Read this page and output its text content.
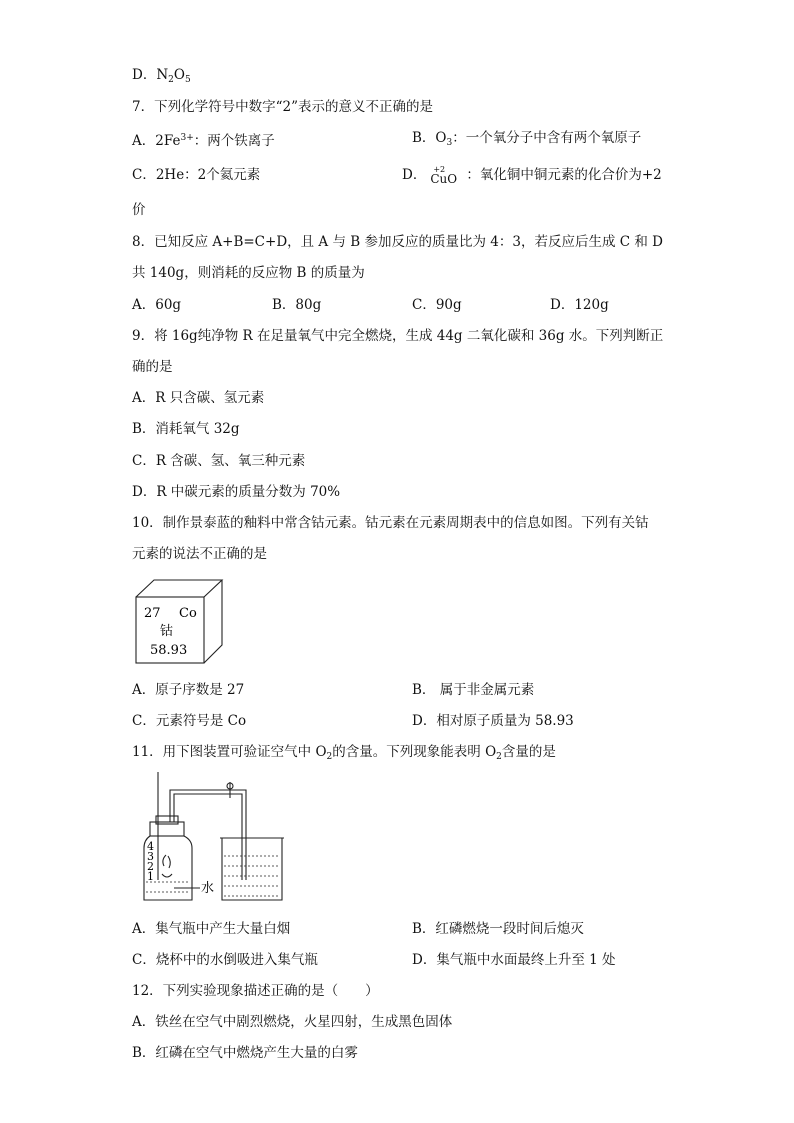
D．$N_2O_5$
7．下列化学符号中数字“2”表示的意义不正确的是
A．$2Fe^{3+}$：两个铁离子	B．$O_3$：一个氧分子中含有两个氧原子
C．2He：2个氦元素	D． +2
CuO ：氧化铜中铜元素的化合价为+2
价
8．已知反应 A+B=C+D，且 A 与 B 参加反应的质量比为 4：3，若反应后生成 C 和 D
共 140g，则消耗的反应物 B 的质量为
A．60g	B．80g	C．90g	D．120g
9．将 16g纯净物 R 在足量氧气中完全燃烧，生成 44g 二氧化碳和 36g 水。下列判断正
确的是
A．R 只含碳、氢元素
B．消耗氧气 32g
C．R 含碳、氢、氧三种元素
D．R 中碳元素的质量分数为 70%
10．制作景泰蓝的釉料中常含钴元素。钴元素在元素周期表中的信息如图。下列有关钴
元素的说法不正确的是
27 Co
钴
58.93
A．原子序数是 27	B． 属于非金属元素
C．元素符号是 Co	D．相对原子质量为 58.93
11．用下图装置可验证空气中 $O_2$的含量。下列现象能表明 $O_2$含量的是
4
3
2
1
水
A．集气瓶中产生大量白烟	B．红磷燃烧一段时间后熄灭
C．烧杯中的水倒吸进入集气瓶	D．集气瓶中水面最终上升至 1 处
12．下列实验现象描述正确的是（　　）
A．铁丝在空气中剧烈燃烧，火星四射，生成黑色固体
B．红磷在空气中燃烧产生大量的白雾
